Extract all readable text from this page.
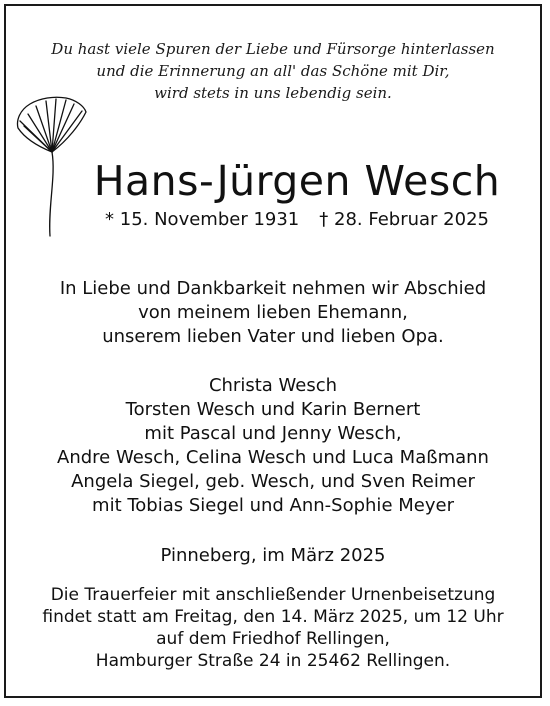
Du hast viele Spuren der Liebe und Fürsorge hinterlassen
und die Erinnerung an all' das Schöne mit Dir,
wird stets in uns lebendig sein.
Hans-Jürgen Wesch
* 15. November 1931 † 28. Februar 2025
In Liebe und Dankbarkeit nehmen wir Abschied
von meinem lieben Ehemann,
unserem lieben Vater und lieben Opa.
Christa Wesch
Torsten Wesch und Karin Bernert
mit Pascal und Jenny Wesch,
Andre Wesch, Celina Wesch und Luca Maßmann
Angela Siegel, geb. Wesch, und Sven Reimer
mit Tobias Siegel und Ann-Sophie Meyer
Pinneberg, im März 2025
Die Trauerfeier mit anschließender Urnenbeisetzung
findet statt am Freitag, den 14. März 2025, um 12 Uhr
auf dem Friedhof Rellingen,
Hamburger Straße 24 in 25462 Rellingen.
